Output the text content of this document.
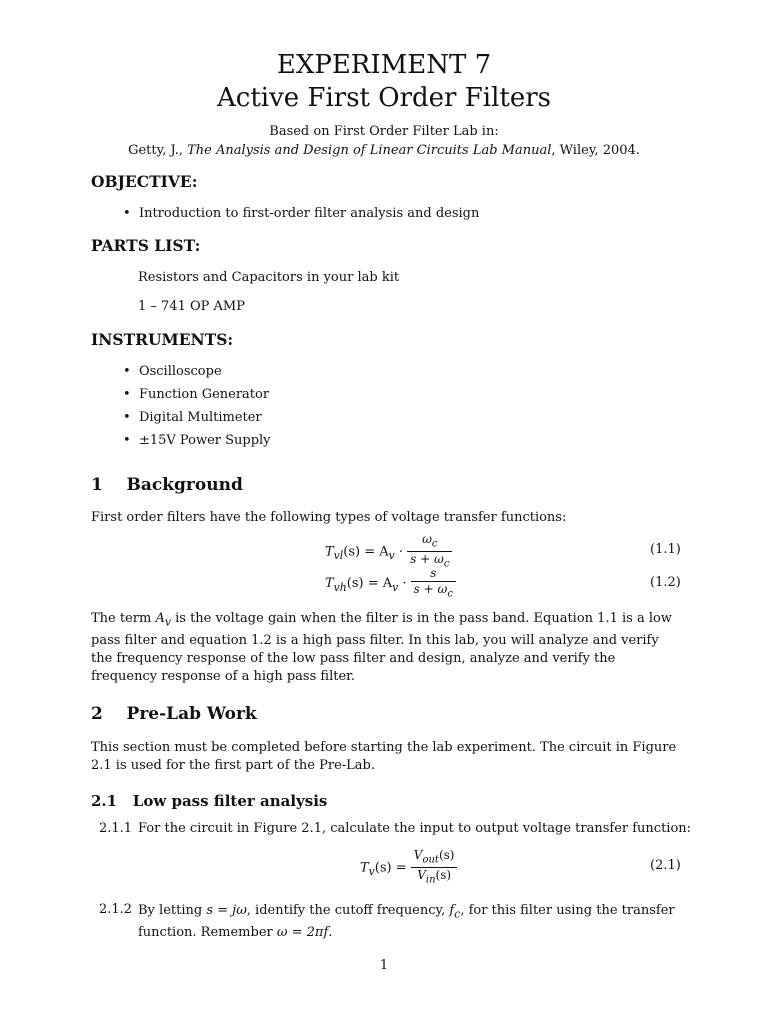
EXPERIMENT 7
Active First Order Filters
Based on First Order Filter Lab in:
Getty, J., The Analysis and Design of Linear Circuits Lab Manual, Wiley, 2004.
OBJECTIVE:
•  Introduction to first-order filter analysis and design
PARTS LIST:
Resistors and Capacitors in your lab kit
1 – 741 OP AMP
INSTRUMENTS:
•  Oscilloscope
•  Function Generator
•  Digital Multimeter
•  ±15V Power Supply
1 Background
First order filters have the following types of voltage transfer functions:
$T_{vl}(s) = A_v \cdot \frac{\omega_c}{s + \omega_c}$	(1.1)
$T_{vh}(s) = A_v \cdot \frac{s}{s + \omega_c}$	(1.2)
The term $A_v$ is the voltage gain when the filter is in the pass band. Equation 1.1 is a low pass filter and equation 1.2 is a high pass filter. In this lab, you will analyze and verify the frequency response of the low pass filter and design, analyze and verify the frequency response of a high pass filter.
2 Pre-Lab Work
This section must be completed before starting the lab experiment. The circuit in Figure 2.1 is used for the first part of the Pre-Lab.
2.1 Low pass filter analysis
2.1.1 For the circuit in Figure 2.1, calculate the input to output voltage transfer function:
$T_v(s) = \frac{V_{out}(s)}{V_{in}(s)}$	(2.1)
2.1.2 By letting s = jω, identify the cutoff frequency, $f_c$, for this filter using the transfer function. Remember ω = 2πf.
1
